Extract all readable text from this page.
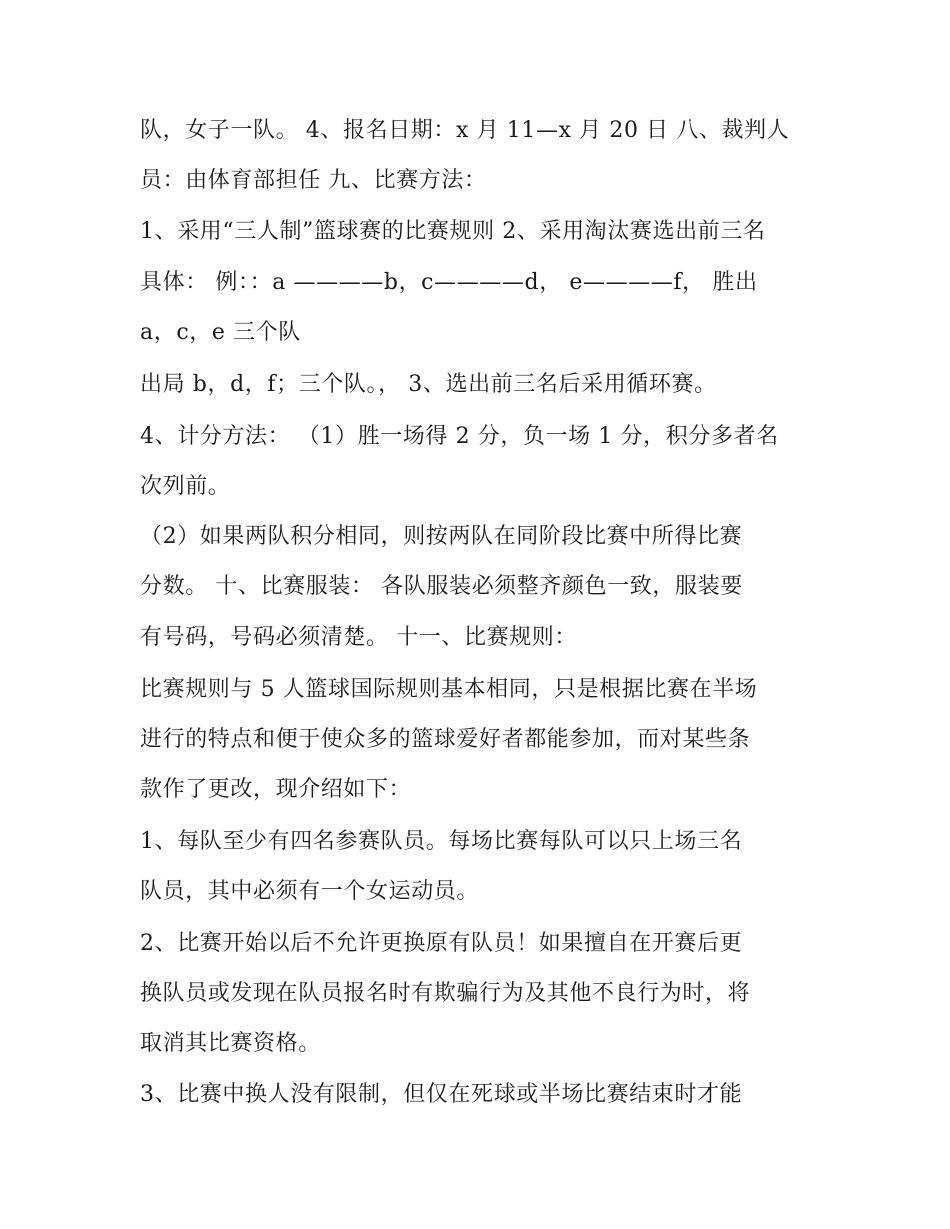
队，女子一队。 4、报名日期：x 月 11—x 月 20 日 八、裁判人
员：由体育部担任 九、比赛方法：
1、采用“三人制”篮球赛的比赛规则 2、采用淘汰赛选出前三名
具体： 例：：a ————b，c————d， e————f， 胜出
a，c，e 三个队
出局 b，d，f；三个队。， 3、选出前三名后采用循环赛。
4、计分方法： （1）胜一场得 2 分，负一场 1 分，积分多者名
次列前。
（2）如果两队积分相同，则按两队在同阶段比赛中所得比赛
分数。 十、比赛服装： 各队服装必须整齐颜色一致，服装要
有号码，号码必须清楚。 十一、比赛规则：
比赛规则与 5 人篮球国际规则基本相同，只是根据比赛在半场
进行的特点和便于使众多的篮球爱好者都能参加，而对某些条
款作了更改，现介绍如下：
1、每队至少有四名参赛队员。每场比赛每队可以只上场三名
队员，其中必须有一个女运动员。
2、比赛开始以后不允许更换原有队员！如果擅自在开赛后更
换队员或发现在队员报名时有欺骗行为及其他不良行为时，将
取消其比赛资格。
3、比赛中换人没有限制，但仅在死球或半场比赛结束时才能
